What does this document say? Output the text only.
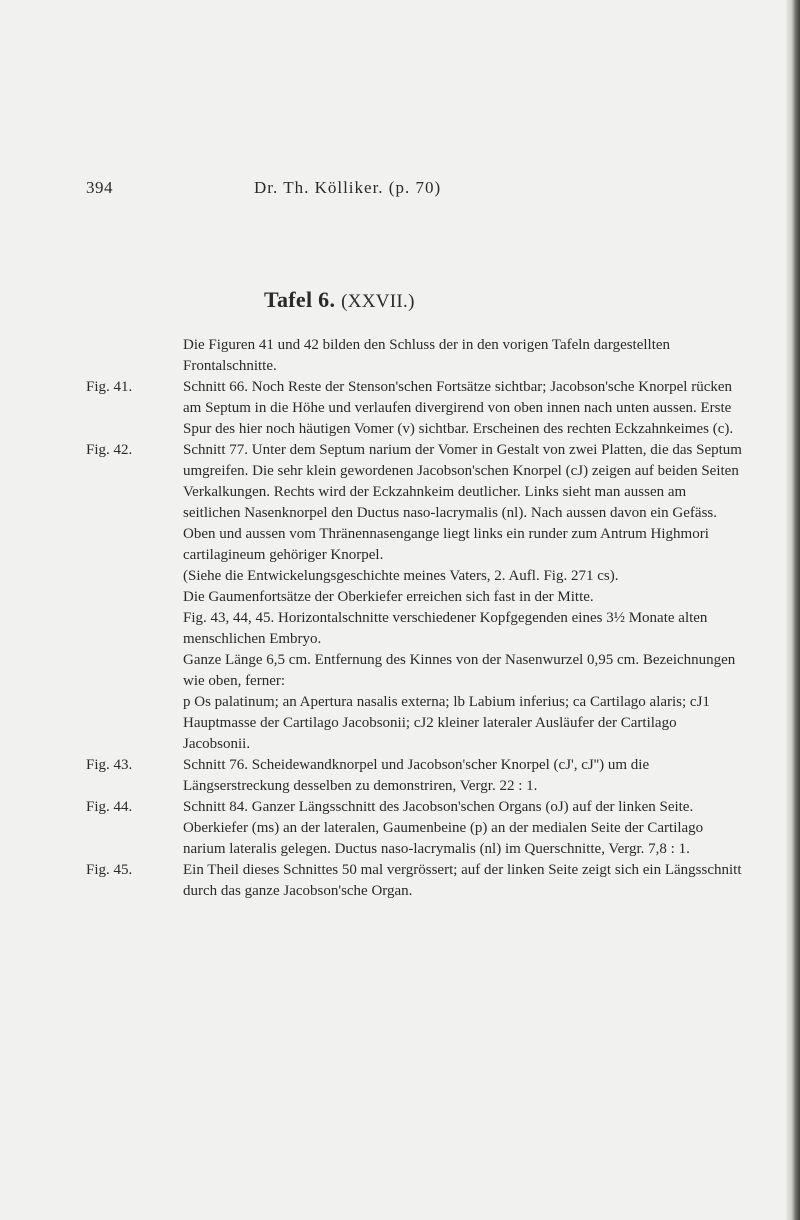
394	Dr. Th. Kölliker. (p. 70)
Tafel 6. (XXVII.)
Die Figuren 41 und 42 bilden den Schluss der in den vorigen Tafeln dargestellten Frontalschnitte.
Fig. 41.	Schnitt 66. Noch Reste der Stenson'schen Fortsätze sichtbar; Jacobson'sche Knorpel rücken am Septum in die Höhe und verlaufen divergirend von oben innen nach unten aussen. Erste Spur des hier noch häutigen Vomer (v) sichtbar. Erscheinen des rechten Eckzahnkeimes (c).
Fig. 42.	Schnitt 77. Unter dem Septum narium der Vomer in Gestalt von zwei Platten, die das Septum umgreifen. Die sehr klein gewordenen Jacobson'schen Knorpel (cJ) zeigen auf beiden Seiten Verkalkungen. Rechts wird der Eckzahnkeim deutlicher. Links sieht man aussen am seitlichen Nasenknorpel den Ductus naso-lacrymalis (nl). Nach aussen davon ein Gefäss.
Oben und aussen vom Thränennasengange liegt links ein runder zum Antrum Highmori cartilagineum gehöriger Knorpel.
(Siehe die Entwickelungsgeschichte meines Vaters, 2. Aufl. Fig. 271 cs).
Die Gaumenfortsätze der Oberkiefer erreichen sich fast in der Mitte.
Fig. 43, 44, 45. Horizontalschnitte verschiedener Kopfgegenden eines 3½ Monate alten menschlichen Embryo.
Ganze Länge 6,5 cm. Entfernung des Kinnes von der Nasenwurzel 0,95 cm. Bezeichnungen wie oben, ferner:
p Os palatinum; an Apertura nasalis externa; lb Labium inferius; ca Cartilago alaris; cJ1 Hauptmasse der Cartilago Jacobsonii; cJ2 kleiner lateraler Ausläufer der Cartilago Jacobsonii.
Fig. 43.	Schnitt 76. Scheidewandknorpel und Jacobson'scher Knorpel (cJ', cJ'') um die Längserstreckung desselben zu demonstriren, Vergr. 22 : 1.
Fig. 44.	Schnitt 84. Ganzer Längsschnitt des Jacobson'schen Organs (oJ) auf der linken Seite. Oberkiefer (ms) an der lateralen, Gaumenbeine (p) an der medialen Seite der Cartilago narium lateralis gelegen. Ductus naso-lacrymalis (nl) im Querschnitte, Vergr. 7,8 : 1.
Fig. 45.	Ein Theil dieses Schnittes 50 mal vergrössert; auf der linken Seite zeigt sich ein Längsschnitt durch das ganze Jacobson'sche Organ.
